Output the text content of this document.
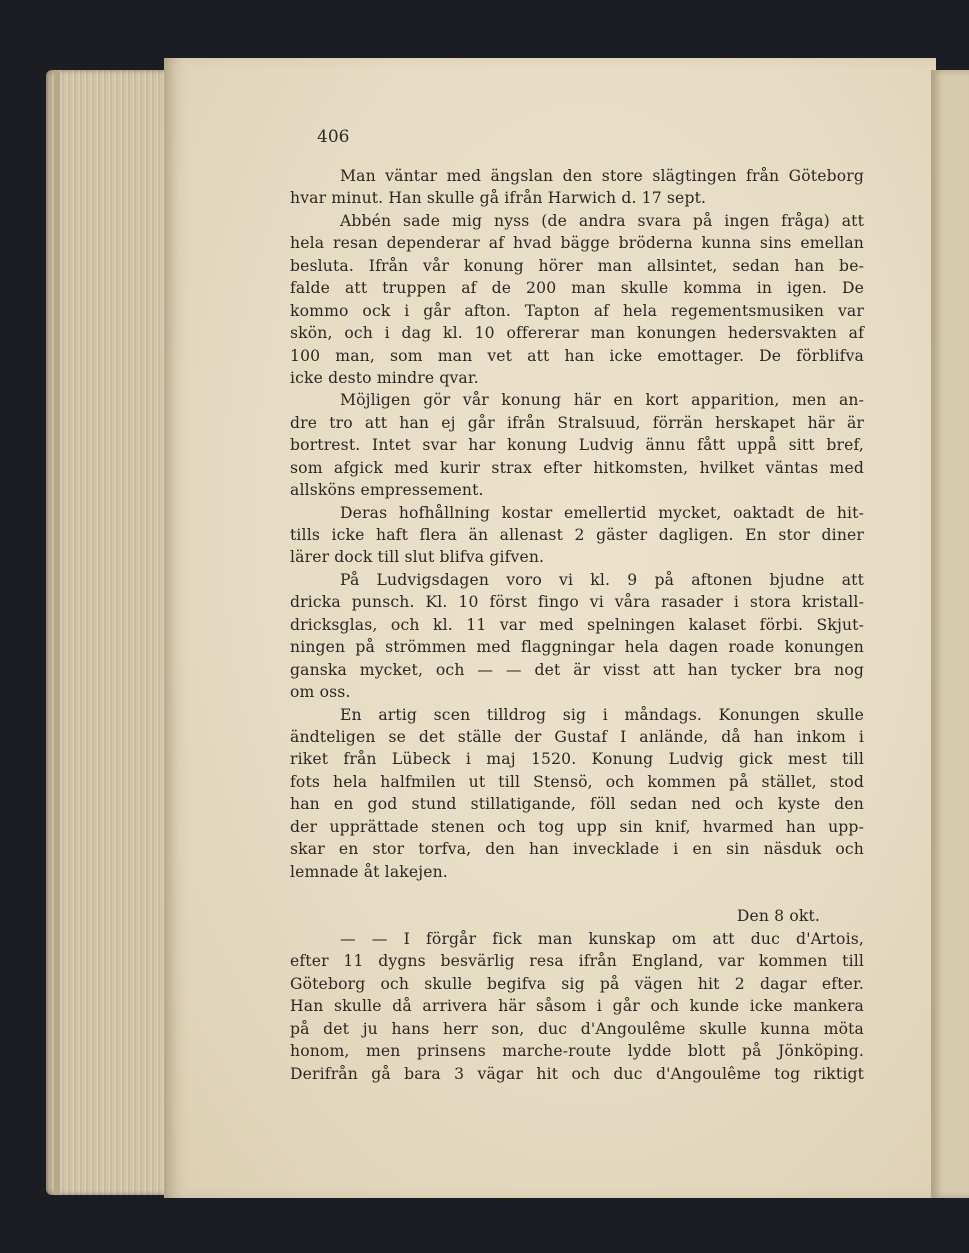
406
Man väntar med ängslan den store slägtingen från Göteborg
hvar minut. Han skulle gå ifrån Harwich d. 17 sept.
Abbén sade mig nyss (de andra svara på ingen fråga) att
hela resan dependerar af hvad bägge bröderna kunna sins emellan
besluta. Ifrån vår konung hörer man allsintet, sedan han be-
falde att truppen af de 200 man skulle komma in igen. De
kommo ock i går afton. Tapton af hela regementsmusiken var
skön, och i dag kl. 10 offererar man konungen hedersvakten af
100 man, som man vet att han icke emottager. De förblifva
icke desto mindre qvar.
Möjligen gör vår konung här en kort apparition, men an-
dre tro att han ej går ifrån Stralsuud, förrän herskapet här är
bortrest. Intet svar har konung Ludvig ännu fått uppå sitt bref,
som afgick med kurir strax efter hitkomsten, hvilket väntas med
allsköns empressement.
Deras hofhållning kostar emellertid mycket, oaktadt de hit-
tills icke haft flera än allenast 2 gäster dagligen. En stor diner
lärer dock till slut blifva gifven.
På Ludvigsdagen voro vi kl. 9 på aftonen bjudne att
dricka punsch. Kl. 10 först fingo vi våra rasader i stora kristall-
dricksglas, och kl. 11 var med spelningen kalaset förbi. Skjut-
ningen på strömmen med flaggningar hela dagen roade konungen
ganska mycket, och — — det är visst att han tycker bra nog
om oss.
En artig scen tilldrog sig i måndags. Konungen skulle
ändteligen se det ställe der Gustaf I anlände, då han inkom i
riket från Lübeck i maj 1520. Konung Ludvig gick mest till
fots hela halfmilen ut till Stensö, och kommen på stället, stod
han en god stund stillatigande, föll sedan ned och kyste den
der upprättade stenen och tog upp sin knif, hvarmed han upp-
skar en stor torfva, den han invecklade i en sin näsduk och
lemnade åt lakejen.
Den 8 okt.
— — I förgår fick man kunskap om att duc d'Artois,
efter 11 dygns besvärlig resa ifrån England, var kommen till
Göteborg och skulle begifva sig på vägen hit 2 dagar efter.
Han skulle då arrivera här såsom i går och kunde icke mankera
på det ju hans herr son, duc d'Angoulême skulle kunna möta
honom, men prinsens marche-route lydde blott på Jönköping.
Derifrån gå bara 3 vägar hit och duc d'Angoulême tog riktigt
